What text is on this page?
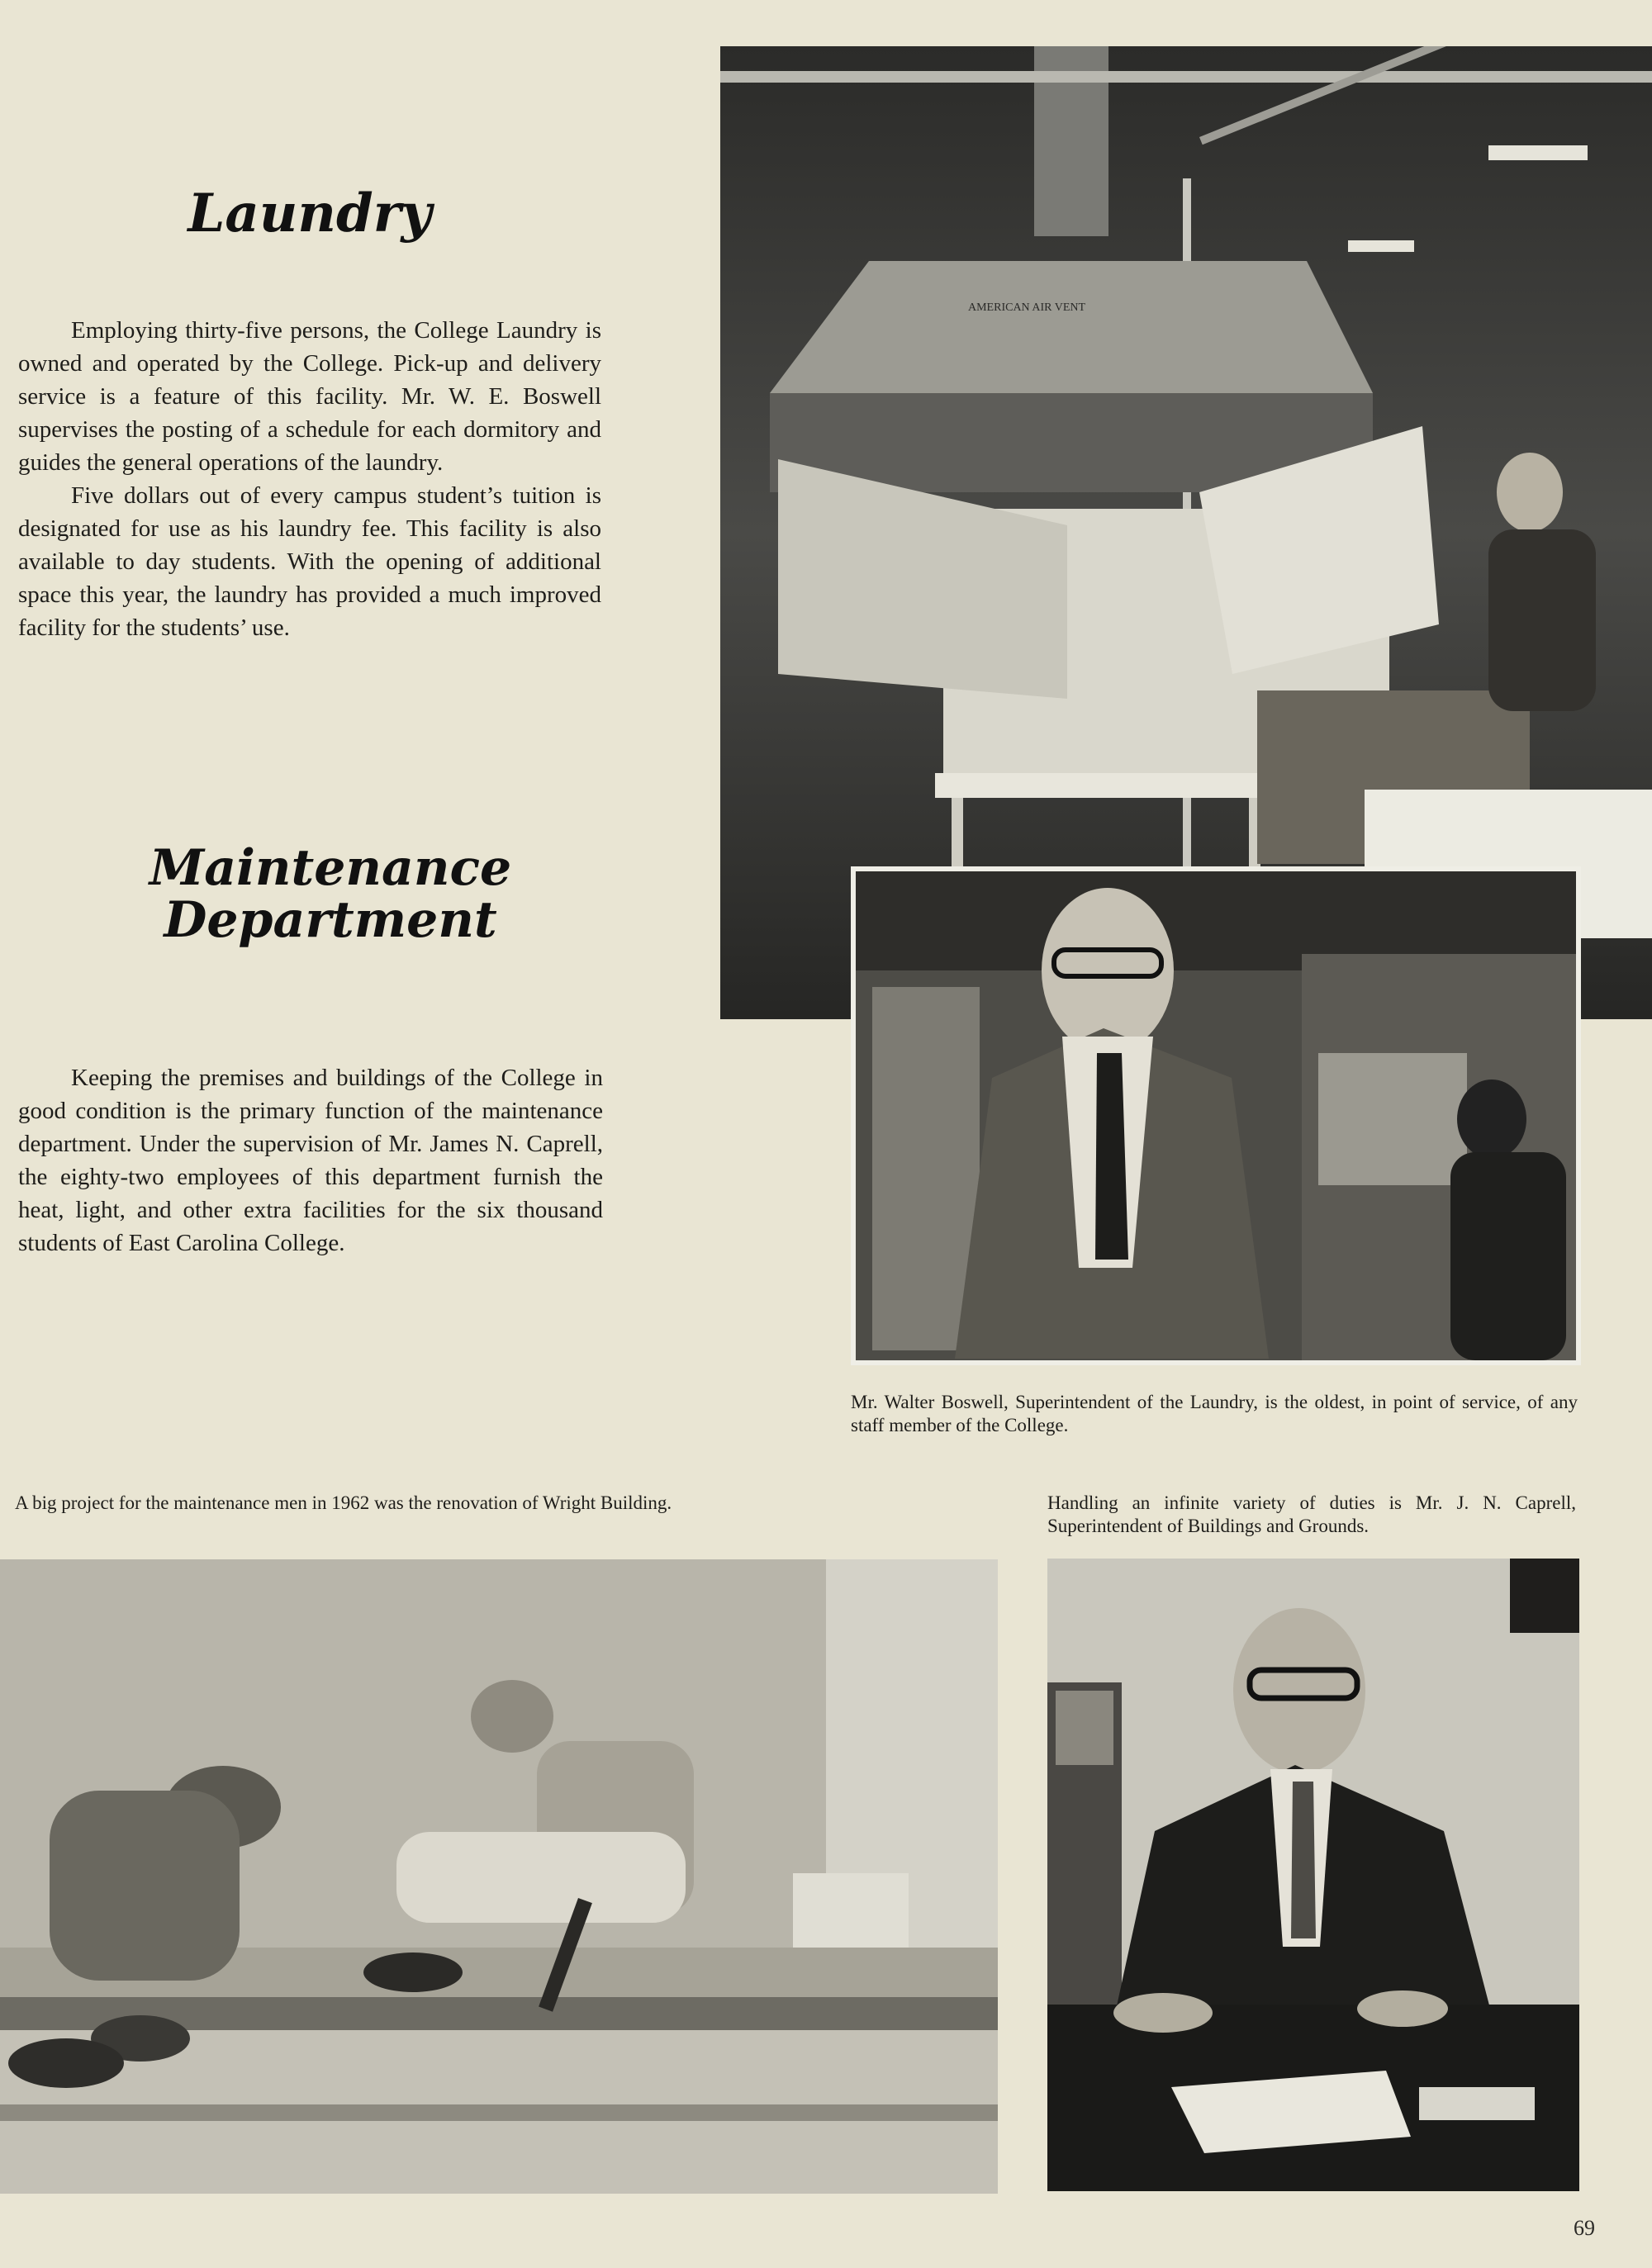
Laundry

Employing thirty-five persons, the College Laundry is owned and operated by the College. Pick-up and delivery service is a feature of this facility. Mr. W. E. Boswell supervises the posting of a schedule for each dormitory and guides the general operations of the laundry.

Five dollars out of every campus student’s tuition is designated for use as his laundry fee. This facility is also available to day students. With the opening of additional space this year, the laundry has provided a much improved facility for the students’ use.

Maintenance
Department

Keeping the premises and buildings of the College in good condition is the primary function of the maintenance department. Under the supervision of Mr. James N. Caprell, the eighty-two employees of this department furnish the heat, light, and other extra facilities for the six thousand students of East Carolina College.

AMERICAN AIR VENT
Mr. Walter Boswell, Superintendent of the Laundry, is the oldest, in point of service, of any staff member of the College.
A big project for the maintenance men in 1962 was the renovation of Wright Building.	Handling an infinite variety of duties is Mr. J. N. Caprell, Superintendent of Buildings and Grounds.
69
